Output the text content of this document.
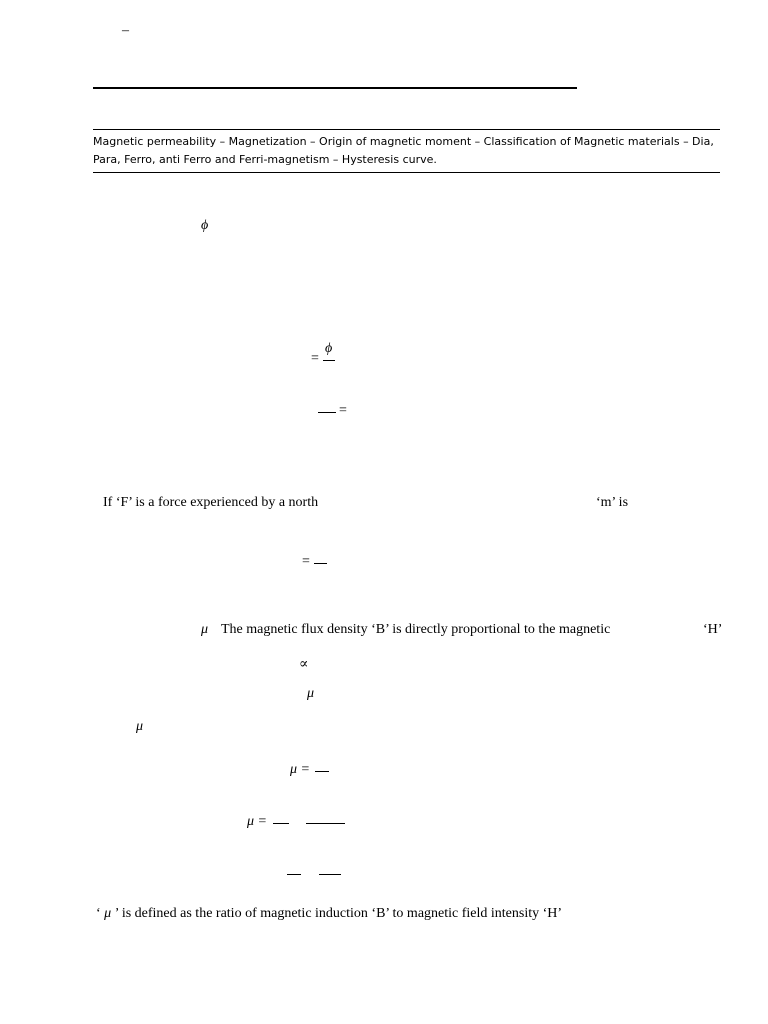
–
Magnetic permeability – Magnetization – Origin of magnetic moment – Classification of Magnetic materials – Dia,
Para, Ferro, anti Ferro and Ferri-magnetism – Hysteresis curve.
ϕ
=
ϕ
=
If ‘F’ is a force experienced by a north	‘m’ is
=
μ The magnetic flux density ‘B’ is directly proportional to the magnetic	‘H’
∝
μ
μ
μ =
μ =
‘ μ ’ is defined as the ratio of magnetic induction ‘B’ to magnetic field intensity ‘H’
